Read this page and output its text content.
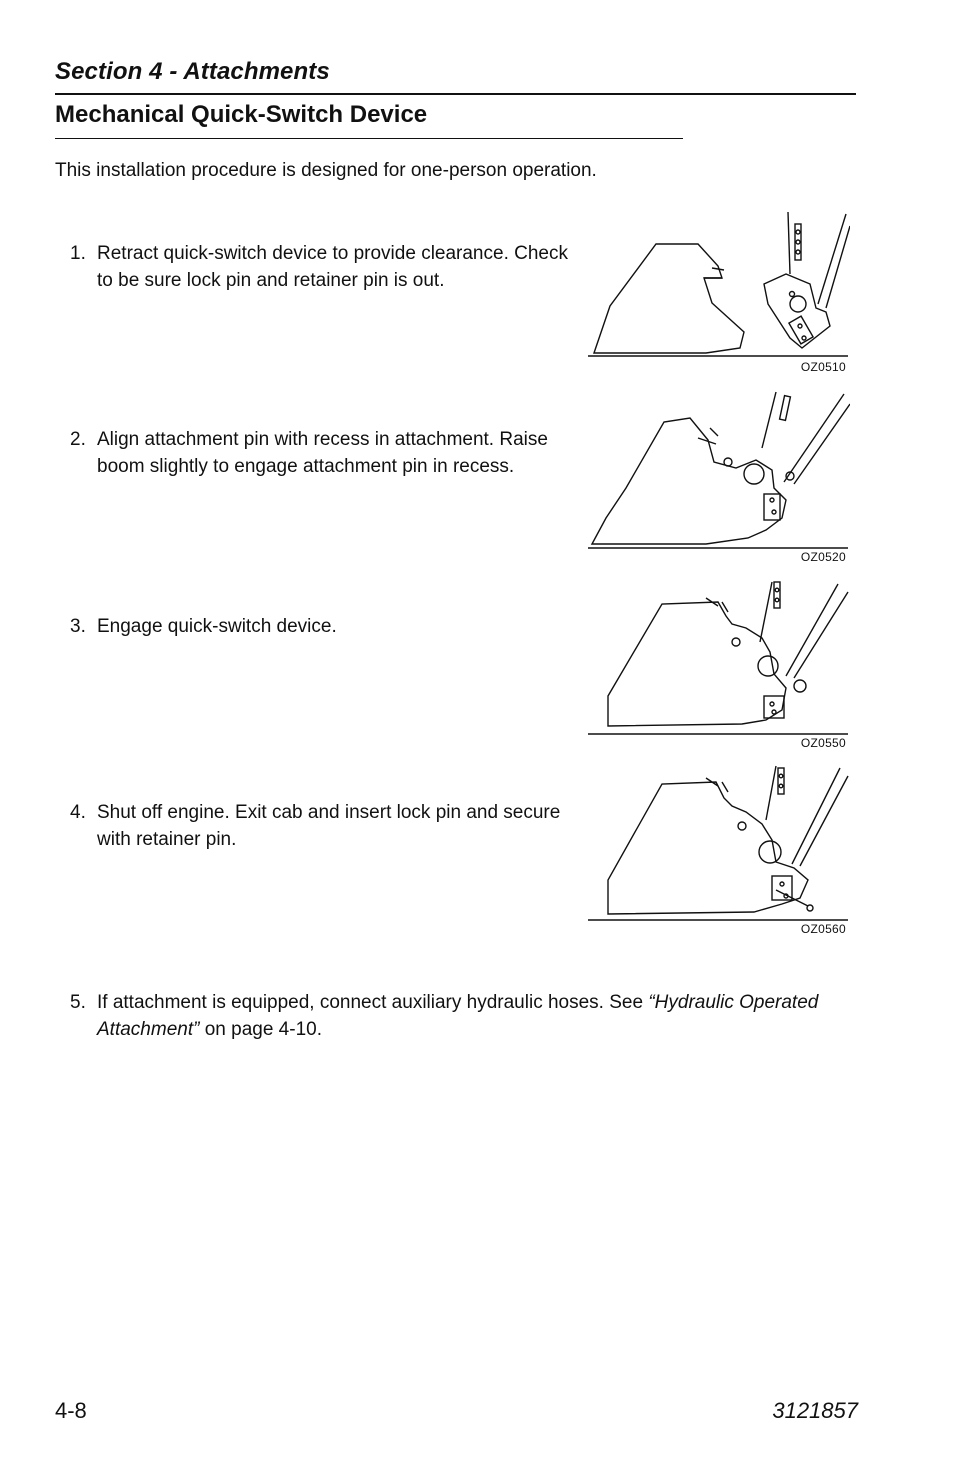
Section 4 - Attachments
Mechanical Quick-Switch Device
This installation procedure is designed for one-person operation.
1. Retract quick-switch device to provide clearance. Check to be sure lock pin and retainer pin is out.
OZ0510
2. Align attachment pin with recess in attachment. Raise boom slightly to engage attachment pin in recess.
OZ0520
3. Engage quick-switch device.
OZ0550
4. Shut off engine. Exit cab and insert lock pin and secure with retainer pin.
OZ0560
5. If attachment is equipped, connect auxiliary hydraulic hoses. See “Hydraulic Operated Attachment” on page 4-10.
4-8	3121857
